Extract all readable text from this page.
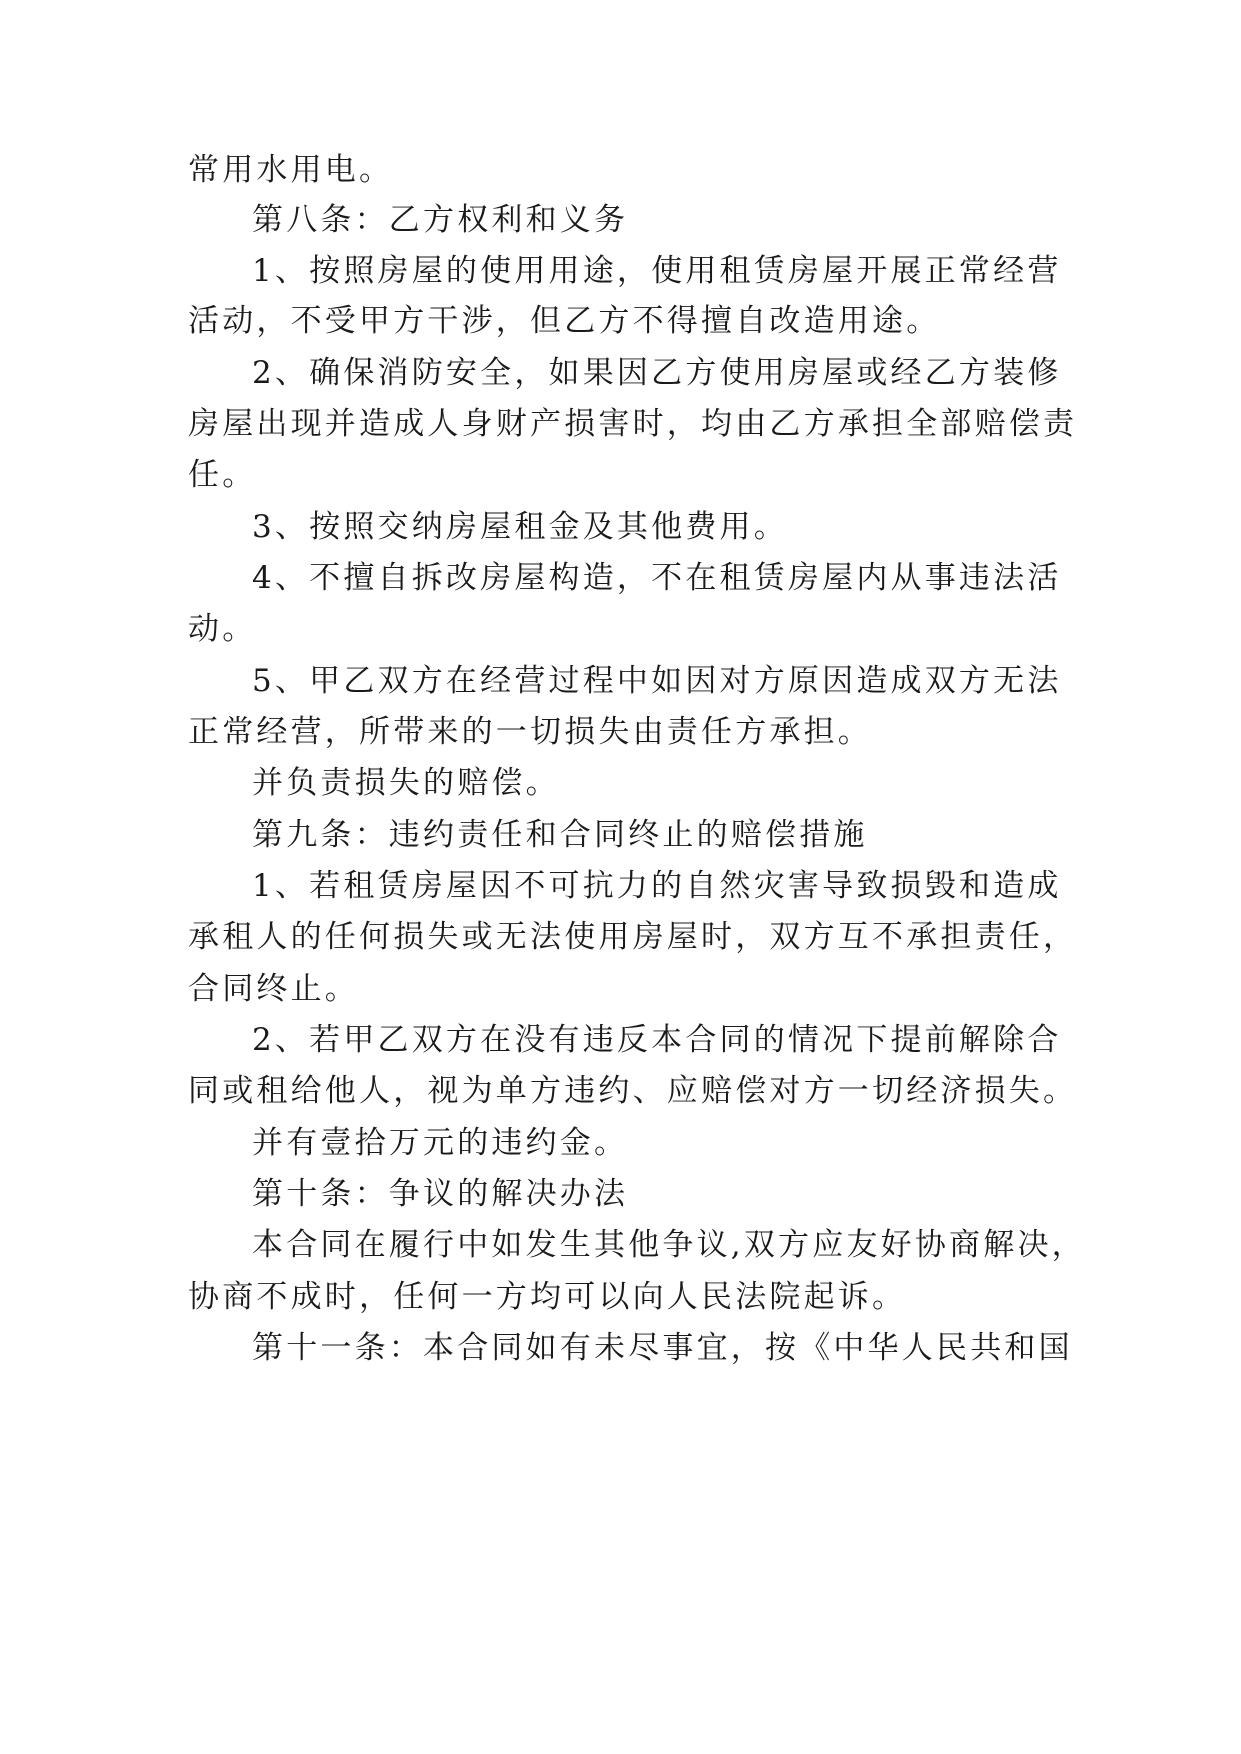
常用水用电。
第八条：乙方权利和义务
1、按照房屋的使用用途，使用租赁房屋开展正常经营
活动，不受甲方干涉，但乙方不得擅自改造用途。
2、确保消防安全，如果因乙方使用房屋或经乙方装修
房屋出现并造成人身财产损害时，均由乙方承担全部赔偿责
任。
3、按照交纳房屋租金及其他费用。
4、不擅自拆改房屋构造，不在租赁房屋内从事违法活
动。
5、甲乙双方在经营过程中如因对方原因造成双方无法
正常经营，所带来的一切损失由责任方承担。
并负责损失的赔偿。
第九条：违约责任和合同终止的赔偿措施
1、若租赁房屋因不可抗力的自然灾害导致损毁和造成
承租人的任何损失或无法使用房屋时，双方互不承担责任，
合同终止。
2、若甲乙双方在没有违反本合同的情况下提前解除合
同或租给他人，视为单方违约、应赔偿对方一切经济损失。
并有壹拾万元的违约金。
第十条：争议的解决办法
本合同在履行中如发生其他争议,双方应友好协商解决，
协商不成时，任何一方均可以向人民法院起诉。
第十一条：本合同如有未尽事宜，按《中华人民共和国
